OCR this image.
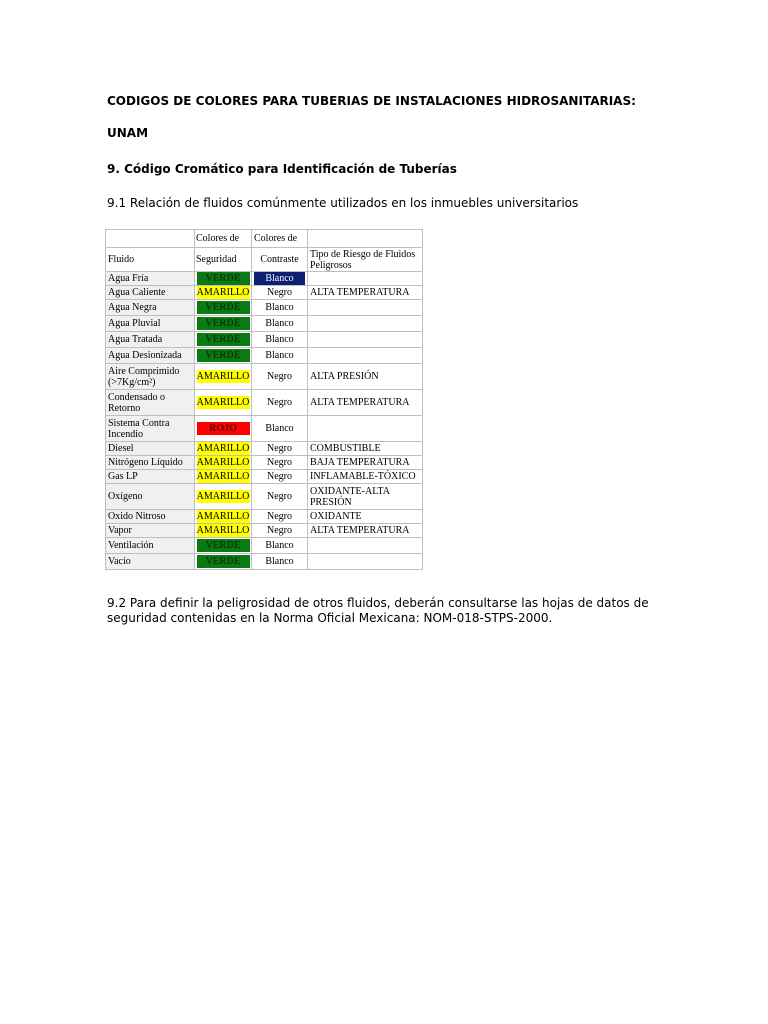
CODIGOS DE COLORES PARA TUBERIAS DE INSTALACIONES HIDROSANITARIAS:
UNAM
9. Código Cromático para Identificación de Tuberías
9.1 Relación de fluidos comúnmente utilizados en los inmuebles universitarios
	Colores de	Colores de	
Fluido	Seguridad	Contraste	Tipo de Riesgo de Fluidos Peligrosos
Agua Fría	VERDE	Blanco	

Agua Caliente	AMARILLO	Negro	ALTA TEMPERATURA
Agua Negra	VERDE	Blanco	
Agua Pluvial	VERDE	Blanco	
Agua Tratada	VERDE	Blanco	
Agua Desionizada	VERDE	Blanco	
Aire Comprimido (>7Kg/cm²)	AMARILLO	Negro	ALTA PRESIÓN
Condensado o Retorno	AMARILLO	Negro	ALTA TEMPERATURA
Sistema Contra Incendio	ROJO	Blanco	
Diesel	AMARILLO	Negro	COMBUSTIBLE
Nitrógeno Líquido	AMARILLO	Negro	BAJA TEMPERATURA
Gas LP	AMARILLO	Negro	INFLAMABLE-TÓXICO
Oxígeno	AMARILLO	Negro	OXIDANTE-ALTA PRESIÓN
Oxido Nitroso	AMARILLO	Negro	OXIDANTE
Vapor	AMARILLO	Negro	ALTA TEMPERATURA
Ventilación	VERDE	Blanco	
Vacío	VERDE	Blanco	
9.2 Para definir la peligrosidad de otros fluidos, deberán consultarse las hojas de datos de seguridad contenidas en la Norma Oficial Mexicana: NOM-018-STPS-2000.
